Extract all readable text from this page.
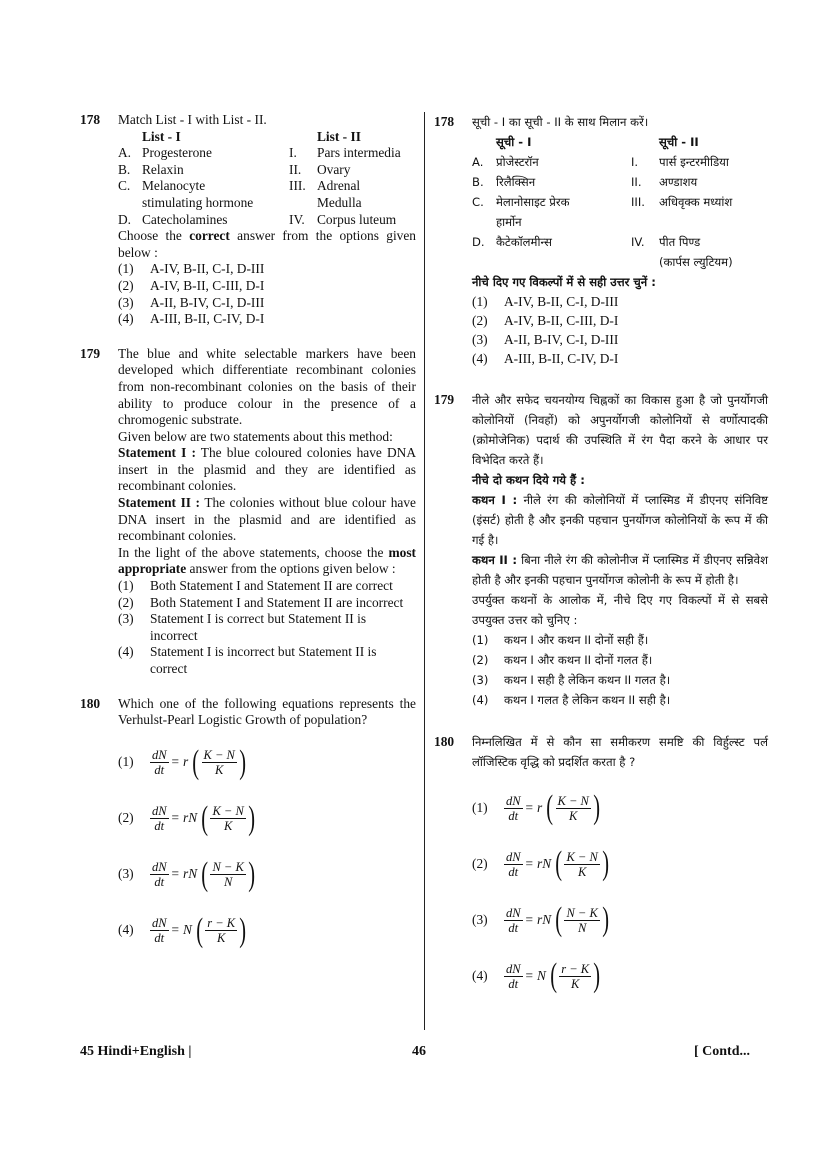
178	Match List - I with List - II.
List - I	List - II
A. Progesterone	I.	Pars intermedia
B. Relaxin	II.	Ovary
C. Melanocyte	III. Adrenal
stimulating hormone	Medulla
D. Catecholamines	IV. Corpus luteum
Choose the correct answer from the options given below :
(1)	A-IV, B-II, C-I, D-III
(2)	A-IV, B-II, C-III, D-I
(3)	A-II, B-IV, C-I, D-III
(4)	A-III, B-II, C-IV, D-I
179	The blue and white selectable markers have been developed which differentiate recombinant colonies from non-recombinant colonies on the basis of their ability to produce colour in the presence of a chromogenic substrate.
Given below are two statements about this method:
Statement I : The blue coloured colonies have DNA insert in the plasmid and they are identified as recombinant colonies.
Statement II : The colonies without blue colour have DNA insert in the plasmid and are identified as recombinant colonies.
In the light of the above statements, choose the most appropriate answer from the options given below :
(1)	Both Statement I and Statement II are correct
(2)	Both Statement I and Statement II are incorrect
(3)	Statement I is correct but Statement II is incorrect
(4)	Statement I is incorrect but Statement II is correct
180	Which one of the following equations represents the Verhulst-Pearl Logistic Growth of population?
(1)	$\frac{dN}{dt} = r$ ( $\frac{K - N}{K}$ )
(2)	$\frac{dN}{dt}$ = rN ( $\frac{K - N}{K}$ )
(3)	$\frac{dN}{dt}$ = rN ( $\frac{N - K}{N}$ )
(4)	$\frac{dN}{dt} = N$ ( $\frac{r - K}{K}$ )
178	सूची - I का सूची - II के साथ मिलान करें।
सूची - I	सूची - II
A.	प्रोजेस्टरॉन	I.	पार्स इन्टरमीडिया
B.	रिलैक्सिन	II.	अण्डाशय
C.	मेलानोसाइट प्रेरक	III.	अधिवृक्क मध्यांश
हार्मोन
D. कैटेकॉलमीन्स	IV.	पीत पिण्ड
(कार्पस ल्युटियम)
नीचे दिए गए विकल्पों में से सही उत्तर चुनें :
(1)	A-IV, B-II, C-I, D-III
(2)	A-IV, B-II, C-III, D-I
(3)	A-II, B-IV, C-I, D-III
(4)	A-III, B-II, C-IV, D-I
179	नीले और सफेद चयनयोग्य चिह्नकों का विकास हुआ है जो पुनर्योगजी कोलोनियों (निवहों) को अपुनर्योगजी कोलोनियों से वर्णोत्पादकी (क्रोमोजेनिक) पदार्थ की उपस्थिति में रंग पैदा करने के आधार पर विभेदित करते हैं।
नीचे दो कथन दिये गये हैं :
कथन I : नीले रंग की कोलोनियों में प्लास्मिड में डीएनए संनिविष्ट (इंसर्ट) होती है और इनकी पहचान पुनर्योगज कोलोनियों के रूप में की गई है।
कथन II : बिना नीले रंग की कोलोनीज में प्लास्मिड में डीएनए सन्निवेश होती है और इनकी पहचान पुनर्योगज कोलोनी के रूप में होती है।
उपर्युक्त कथनों के आलोक में, नीचे दिए गए विकल्पों में से सबसे उपयुक्त उत्तर को चुनिए :
(1)	कथन I और कथन II दोनों सही हैं।
(2)	कथन I और कथन II दोनों गलत हैं।
(3)	कथन I सही है लेकिन कथन II गलत है।
(4)	कथन I गलत है लेकिन कथन II सही है।
180	निम्नलिखित में से कौन सा समीकरण समष्टि की विर्हुल्स्ट पर्ल लॉजिस्टिक वृद्धि को प्रदर्शित करता है ?
(1)	$\frac{dN}{dt} = r$ ( $\frac{K - N}{K}$ )
(2)	$\frac{dN}{dt}$ = rN ( $\frac{K - N}{K}$ )
(3)	$\frac{dN}{dt}$ = rN ( $\frac{N - K}{N}$ )
(4)	$\frac{dN}{dt} = N$ ( $\frac{r - K}{K}$ )
45 Hindi+English |	46	[ Contd...
